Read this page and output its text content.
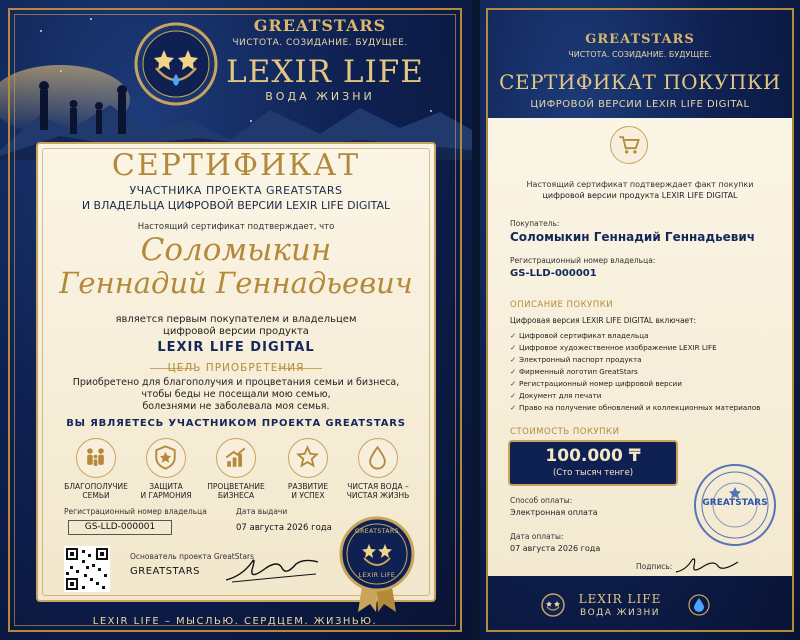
GREATSTARS
ЧИСТОТА. СОЗИДАНИЕ. БУДУЩЕЕ.
LEXIR LIFE
ВОДА ЖИЗНИ
СЕРТИФИКАТ
УЧАСТНИКА ПРОЕКТА GREATSTARS
И ВЛАДЕЛЬЦА ЦИФРОВОЙ ВЕРСИИ LEXIR LIFE DIGITAL
Настоящий сертификат подтверждает, что
Соломыкин
Геннадий Геннадьевич
является первым покупателем и владельцем
цифровой версии продукта
LEXIR LIFE DIGITAL
ЦЕЛЬ ПРИОБРЕТЕНИЯ
Приобретено для благополучия и процветания семьи и бизнеса,
чтобы беды не посещали мою семью,
болезнями не заболевала моя семья.
ВЫ ЯВЛЯЕТЕСЬ УЧАСТНИКОМ ПРОЕКТА GREATSTARS
БЛАГОПОЛУЧИЕ
СЕМЬИ
ЗАЩИТА
И ГАРМОНИЯ
ПРОЦВЕТАНИЕ
БИЗНЕСА
РАЗВИТИЕ
И УСПЕХ
ЧИСТАЯ ВОДА –
ЧИСТАЯ ЖИЗНЬ
Регистрационный номер владельца
GS-LLD-000001
Дата выдачи
07 августа 2026 года
Основатель проекта GreatStars
GREATSTARS
GREATSTARS
LEXIR LIFE
LEXIR LIFE – МЫСЛЬЮ. СЕРДЦЕМ. ЖИЗНЬЮ.
GREATSTARS
ЧИСТОТА. СОЗИДАНИЕ. БУДУЩЕЕ.
СЕРТИФИКАТ ПОКУПКИ
ЦИФРОВОЙ ВЕРСИИ LEXIR LIFE DIGITAL
Настоящий сертификат подтверждает факт покупки
цифровой версии продукта LEXIR LIFE DIGITAL
Покупатель:
Соломыкин Геннадий Геннадьевич
Регистрационный номер владельца:
GS-LLD-000001
ОПИСАНИЕ ПОКУПКИ
Цифровая версия LEXIR LIFE DIGITAL включает:
✓ Цифровой сертификат владельца
✓ Цифровое художественное изображение LEXIR LIFE
✓ Электронный паспорт продукта
✓ Фирменный логотип GreatStars
✓ Регистрационный номер цифровой версии
✓ Документ для печати
✓ Право на получение обновлений и коллекционных материалов
СТОИМОСТЬ ПОКУПКИ
100.000 ₸
(Сто тысяч тенге)
Способ оплаты:
Электронная оплата
Дата оплаты:
07 августа 2026 года
GREATSTARS
Подпись:
LEXIR LIFE
ВОДА ЖИЗНИ
